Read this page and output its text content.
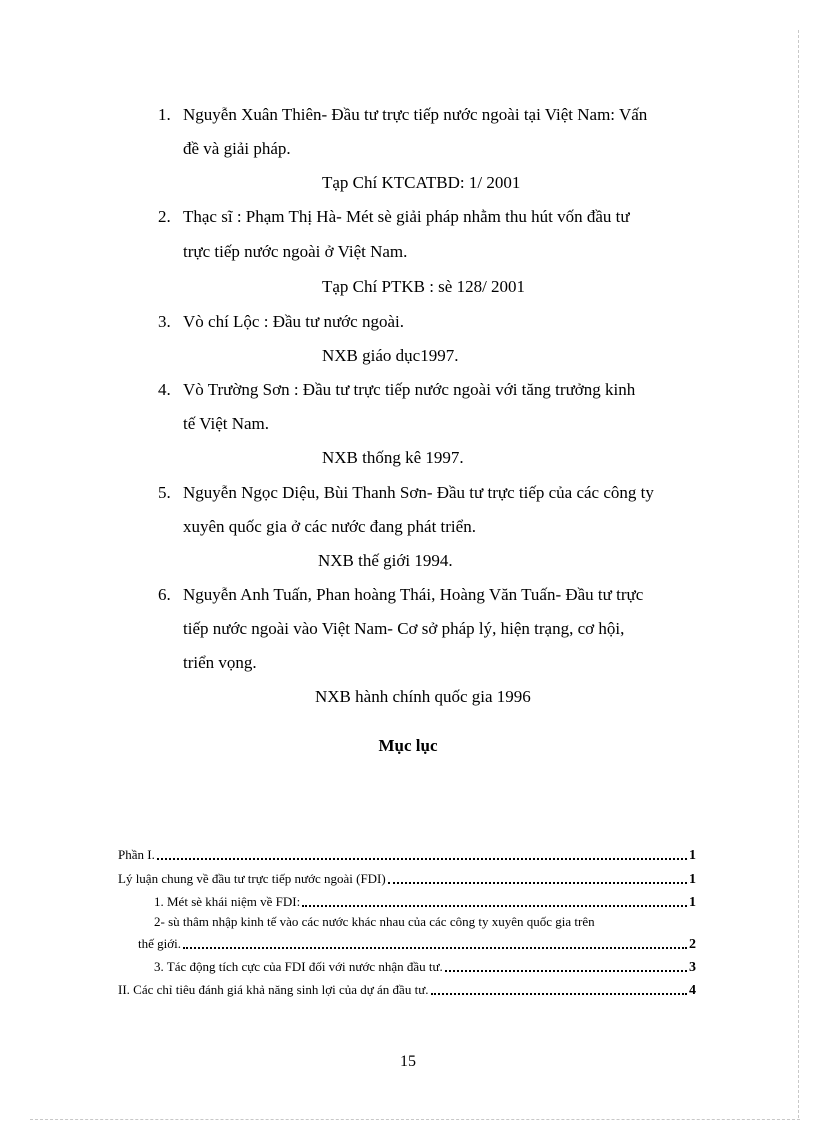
1. Nguyễn Xuân Thiên- Đầu tư trực tiếp nước ngoài tại Việt Nam: Vấn
đề và giải pháp.
Tạp Chí KTCATBD: 1/ 2001
2. Thạc sĩ : Phạm Thị Hà- Mét sè giải pháp nhằm thu hút vốn đầu tư
trực tiếp nước ngoài ở Việt Nam.
Tạp Chí PTKB : sè 128/ 2001
3. Vò chí Lộc : Đầu tư nước ngoài.
NXB giáo dục1997.
4. Vò Trường Sơn : Đầu tư trực tiếp nước ngoài với tăng trưởng kinh
tế Việt Nam.
NXB thống kê 1997.
5. Nguyễn Ngọc Diệu, Bùi Thanh Sơn- Đầu tư trực tiếp của các công ty
xuyên quốc gia ở các nước đang phát triển.
NXB thế giới 1994.
6. Nguyễn Anh Tuấn, Phan hoàng Thái, Hoàng Văn Tuấn- Đầu tư trực
tiếp nước ngoài vào Việt Nam- Cơ sở pháp lý, hiện trạng, cơ hội,
triển vọng.
NXB hành chính quốc gia 1996
Mục lục
Phần I.	1
Lý luận chung về đầu tư trực tiếp nước ngoài (FDI)	1
1. Mét sè khái niệm về FDI:	1
2- sù thâm nhập kinh tế vào các nước khác nhau của các công ty xuyên quốc gia trên
thế giới.	2
3. Tác động tích cực của FDI đối với nước nhận đầu tư.	3
II. Các chỉ tiêu đánh giá khả năng sinh lợi của dự án đầu tư.	4
15
